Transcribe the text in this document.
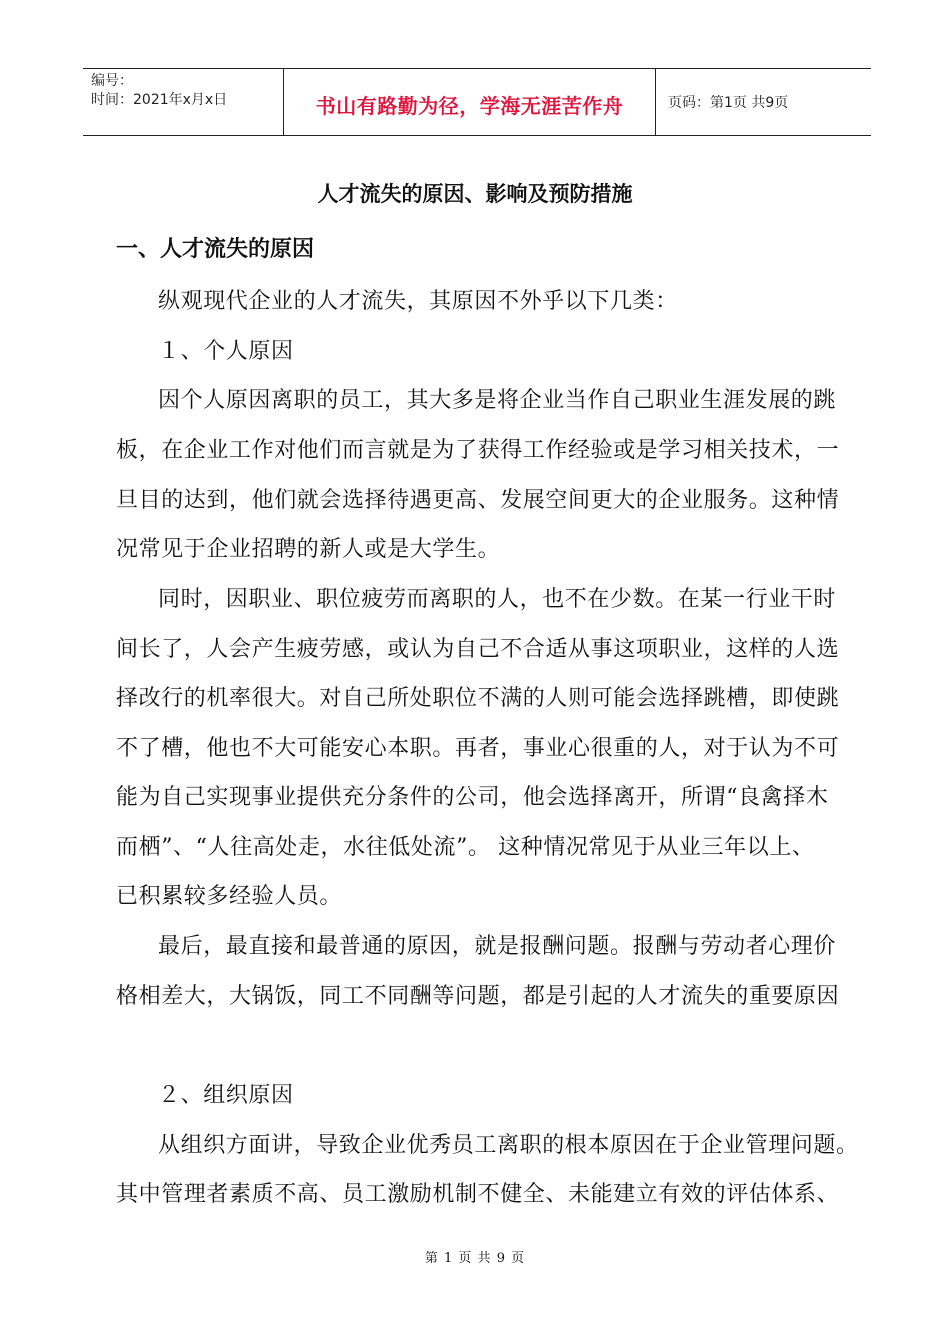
编号：
时间：2021年x月x日	书山有路勤为径，学海无涯苦作舟	页码：第1页 共9页
人才流失的原因、影响及预防措施
一、人才流失的原因
纵观现代企业的人才流失，其原因不外乎以下几类：
１、个人原因
因个人原因离职的员工，其大多是将企业当作自己职业生涯发展的跳
板，在企业工作对他们而言就是为了获得工作经验或是学习相关技术，一
旦目的达到，他们就会选择待遇更高、发展空间更大的企业服务。这种情
况常见于企业招聘的新人或是大学生。
同时，因职业、职位疲劳而离职的人，也不在少数。在某一行业干时
间长了，人会产生疲劳感，或认为自己不合适从事这项职业，这样的人选
择改行的机率很大。对自己所处职位不满的人则可能会选择跳槽，即使跳
不了槽，他也不大可能安心本职。再者，事业心很重的人，对于认为不可
能为自己实现事业提供充分条件的公司，他会选择离开，所谓“良禽择木
而栖”、“人往高处走，水往低处流”。 这种情况常见于从业三年以上、
已积累较多经验人员。
最后，最直接和最普通的原因，就是报酬问题。报酬与劳动者心理价
格相差大，大锅饭，同工不同酬等问题，都是引起的人才流失的重要原因
２、组织原因
从组织方面讲，导致企业优秀员工离职的根本原因在于企业管理问题。
其中管理者素质不高、员工激励机制不健全、未能建立有效的评估体系、
第 1 页 共 9 页
